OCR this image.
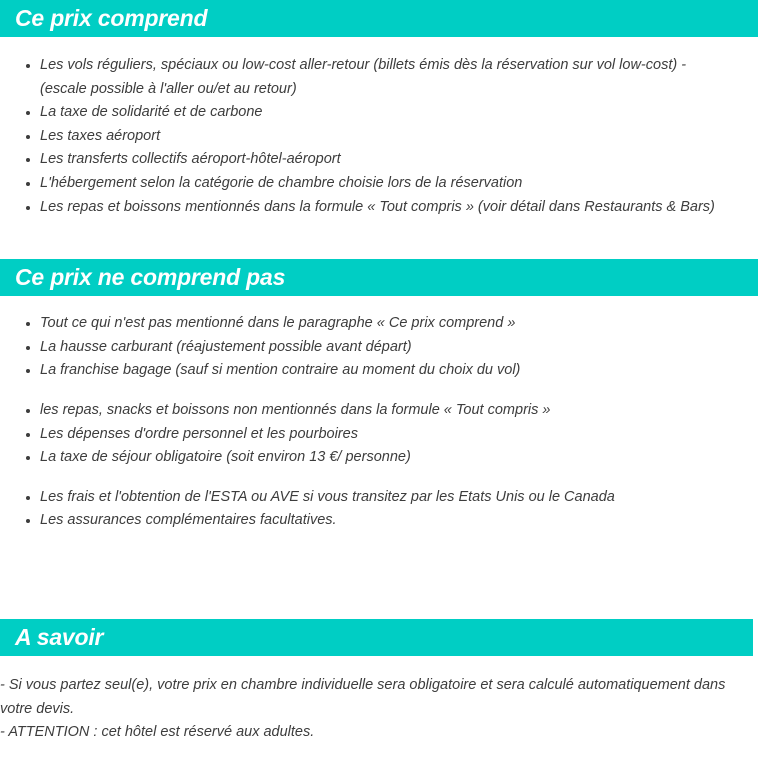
Ce prix comprend
Les vols réguliers, spéciaux ou low-cost aller-retour (billets émis dès la réservation sur vol low-cost) - (escale possible à l'aller ou/et au retour)
La taxe de solidarité et de carbone
Les taxes aéroport
Les transferts collectifs aéroport-hôtel-aéroport
L'hébergement selon la catégorie de chambre choisie lors de la réservation
Les repas et boissons mentionnés dans la formule « Tout compris » (voir détail dans Restaurants & Bars)
Ce prix ne comprend pas
Tout ce qui n'est pas mentionné dans le paragraphe « Ce prix comprend »
La hausse carburant (réajustement possible avant départ)
La franchise bagage (sauf si mention contraire au moment du choix du vol)
les repas, snacks et boissons non mentionnés dans la formule « Tout compris »
Les dépenses d'ordre personnel et les pourboires
La taxe de séjour obligatoire (soit environ 13 €/ personne)
Les frais et l'obtention de l'ESTA ou AVE si vous transitez par les Etats Unis ou le Canada
Les assurances complémentaires facultatives.
A savoir

- Si vous partez seul(e), votre prix en chambre individuelle sera obligatoire et sera calculé automatiquement dans votre devis.

- ATTENTION : cet hôtel est réservé aux adultes.
